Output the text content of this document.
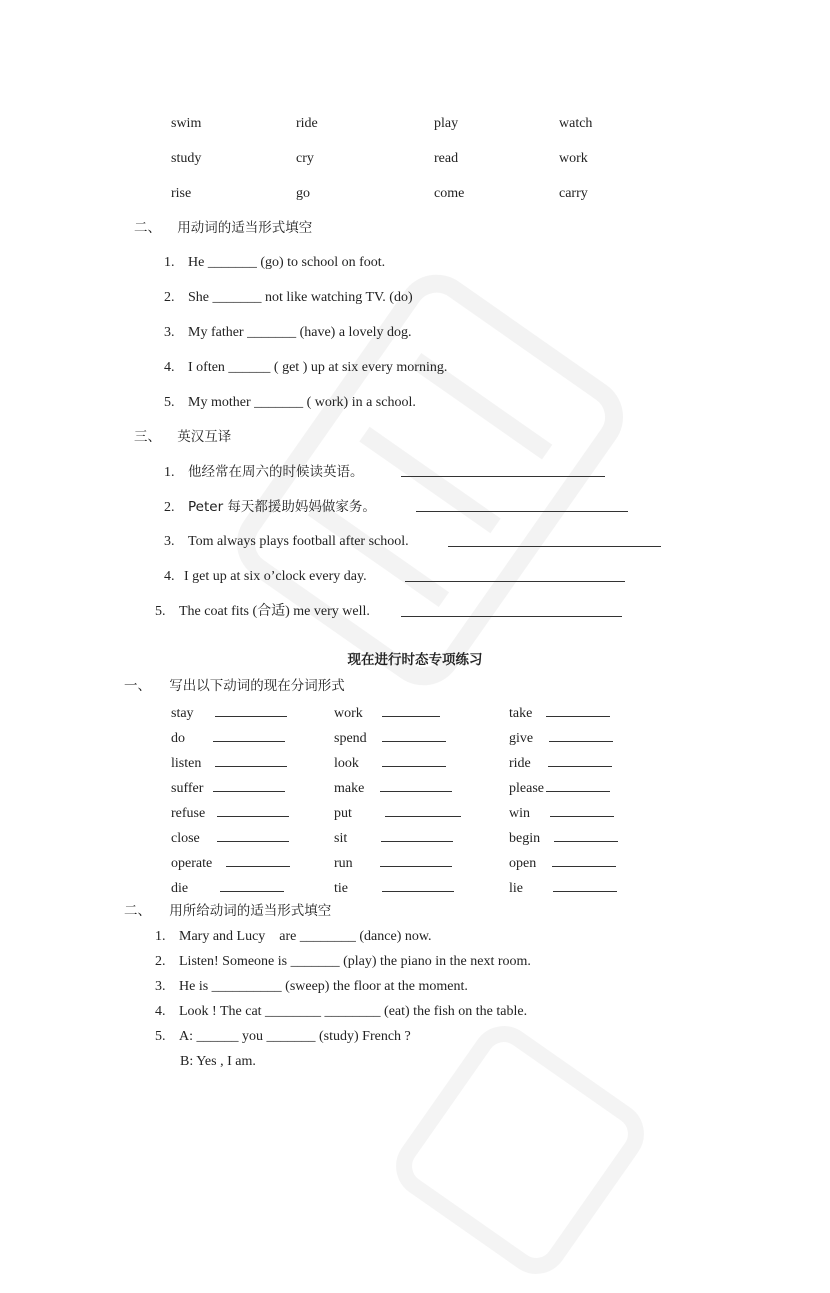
swim	ride	play	watch
study	cry	read	work
rise	go	come	carry
二、 用动词的适当形式填空
1. He _______ (go) to school on foot.
2. She _______ not like watching TV. (do)
3. My father _______ (have) a lovely dog.
4. I often ______ ( get ) up at six every morning.
5. My mother _______ ( work) in a school.
三、 英汉互译
1. 他经常在周六的时候读英语。
2. Peter 每天都援助妈妈做家务。
3. Tom always plays football after school.
4. I get up at six o’clock every day.
5. The coat fits (合适) me very well.
现在进行时态专项练习
一、 写出以下动词的现在分词形式
stay	work	take
do	spend	give
listen	look	ride
suffer	make	please
refuse	put	win
close	sit	begin
operate	run	open
die	tie	lie
二、 用所给动词的适当形式填空
1. Mary and Lucy    are ________ (dance) now.
2. Listen! Someone is _______ (play) the piano in the next room.
3. He is __________ (sweep) the floor at the moment.
4. Look ! The cat ________ ________ (eat) the fish on the table.
5. A: ______ you _______ (study) French ?
B: Yes , I am.
